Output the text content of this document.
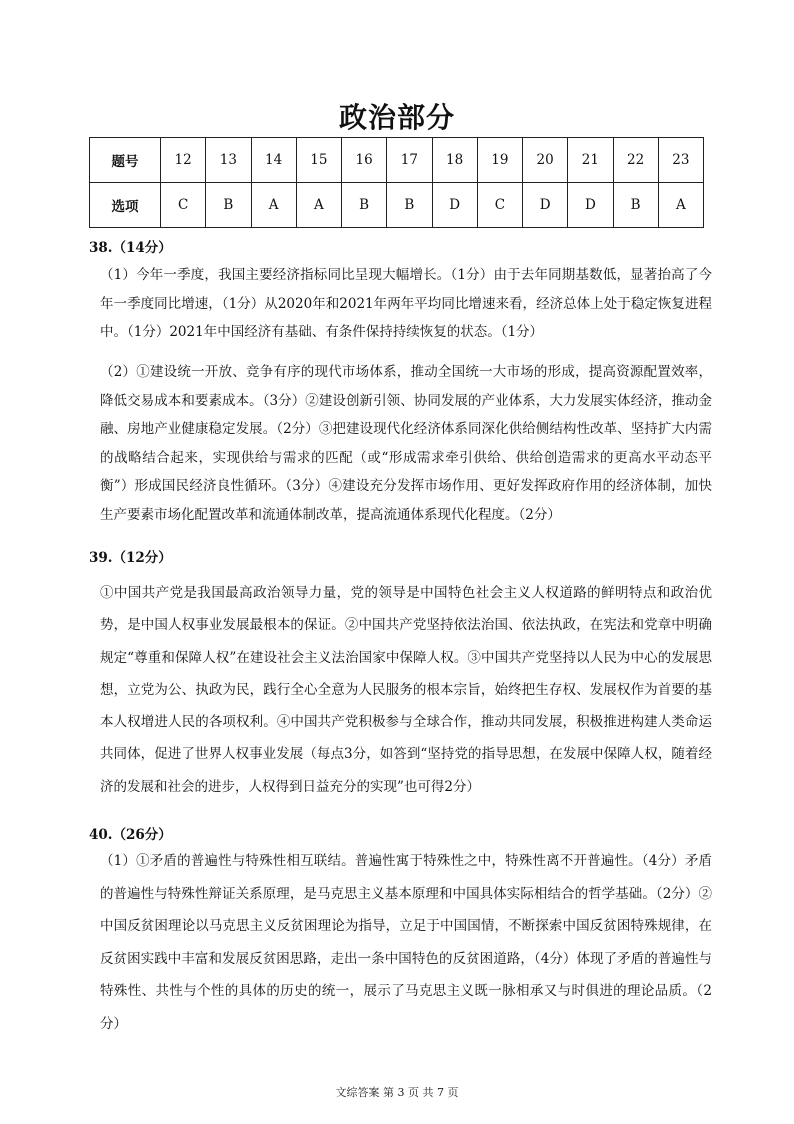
政治部分
题号	12	13	14	15	16	17	18	19	20	21	22	23
选项	C	B	A	A	B	B	D	C	D	D	B	A
38.（14分）
（1）今年一季度，我国主要经济指标同比呈现大幅增长。（1分）由于去年同期基数低，显著抬高了今年一季度同比增速，（1分）从2020年和2021年两年平均同比增速来看，经济总体上处于稳定恢复进程中。（1分）2021年中国经济有基础、有条件保持持续恢复的状态。（1分）
（2）①建设统一开放、竞争有序的现代市场体系，推动全国统一大市场的形成，提高资源配置效率，降低交易成本和要素成本。（3分）②建设创新引领、协同发展的产业体系，大力发展实体经济，推动金融、房地产业健康稳定发展。（2分）③把建设现代化经济体系同深化供给侧结构性改革、坚持扩大内需的战略结合起来，实现供给与需求的匹配（或“形成需求牵引供给、供给创造需求的更高水平动态平衡”）形成国民经济良性循环。（3分）④建设充分发挥市场作用、更好发挥政府作用的经济体制，加快生产要素市场化配置改革和流通体制改革，提高流通体系现代化程度。（2分）
39.（12分）
①中国共产党是我国最高政治领导力量，党的领导是中国特色社会主义人权道路的鲜明特点和政治优势，是中国人权事业发展最根本的保证。②中国共产党坚持依法治国、依法执政，在宪法和党章中明确规定“尊重和保障人权”在建设社会主义法治国家中保障人权。③中国共产党坚持以人民为中心的发展思想，立党为公、执政为民，践行全心全意为人民服务的根本宗旨，始终把生存权、发展权作为首要的基本人权增进人民的各项权利。④中国共产党积极参与全球合作，推动共同发展，积极推进构建人类命运共同体，促进了世界人权事业发展（每点3分，如答到“坚持党的指导思想，在发展中保障人权，随着经济的发展和社会的进步，人权得到日益充分的实现”也可得2分）
40.（26分）
（1）①矛盾的普遍性与特殊性相互联结。普遍性寓于特殊性之中，特殊性离不开普遍性。（4分）矛盾的普遍性与特殊性辩证关系原理，是马克思主义基本原理和中国具体实际相结合的哲学基础。（2分）②中国反贫困理论以马克思主义反贫困理论为指导，立足于中国国情，不断探索中国反贫困特殊规律，在反贫困实践中丰富和发展反贫困思路，走出一条中国特色的反贫困道路，（4分）体现了矛盾的普遍性与特殊性、共性与个性的具体的历史的统一，展示了马克思主义既一脉相承又与时俱进的理论品质。（2分）
文综答案 第 3 页 共 7 页
